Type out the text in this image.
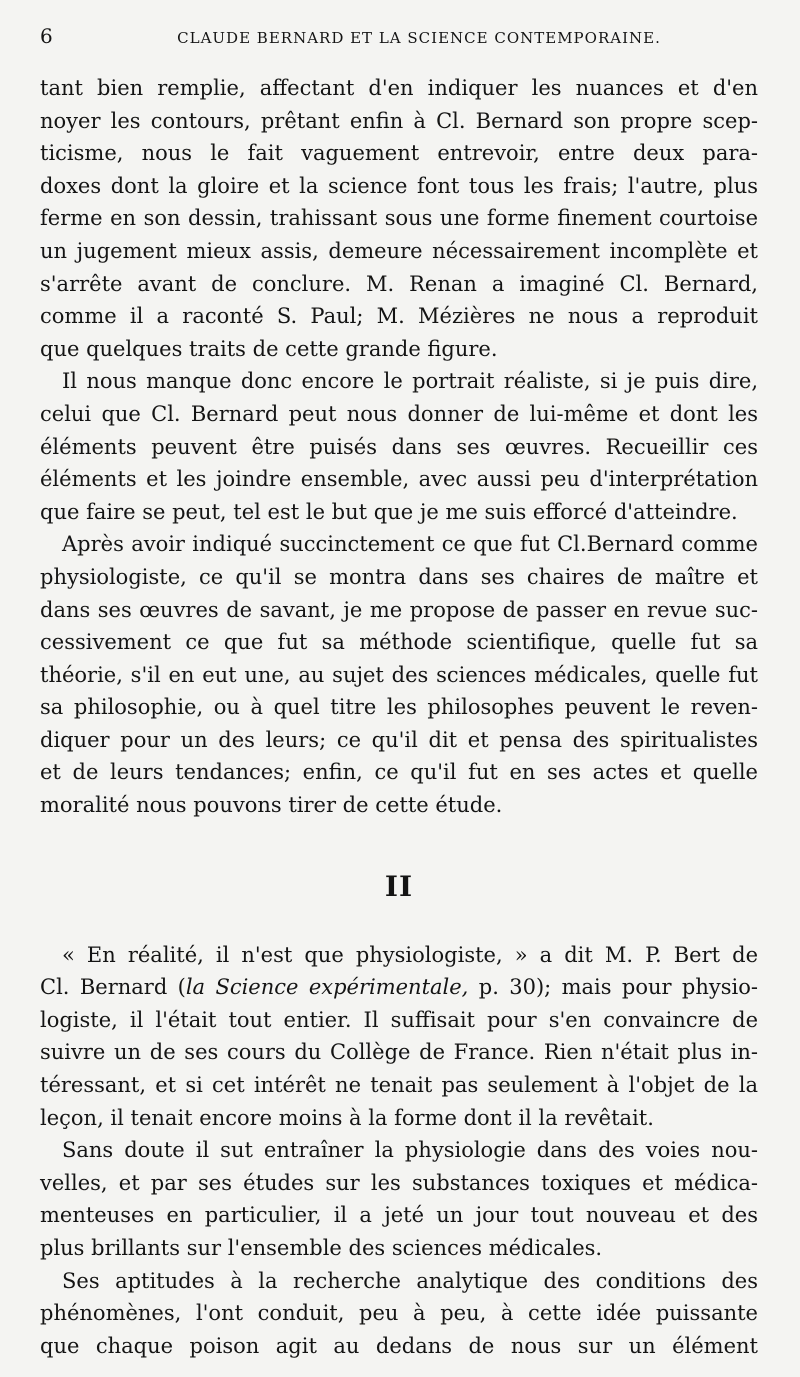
6	CLAUDE BERNARD ET LA SCIENCE CONTEMPORAINE.

tant bien remplie, affectant d'en indiquer les nuances et d'en
noyer les contours, prêtant enfin à Cl. Bernard son propre scep-
ticisme, nous le fait vaguement entrevoir, entre deux para-
doxes dont la gloire et la science font tous les frais; l'autre, plus
ferme en son dessin, trahissant sous une forme finement courtoise
un jugement mieux assis, demeure nécessairement incomplète et
s'arrête avant de conclure. M. Renan a imaginé Cl. Bernard,
comme il a raconté S. Paul; M. Mézières ne nous a reproduit
que quelques traits de cette grande figure.

Il nous manque donc encore le portrait réaliste, si je puis dire,
celui que Cl. Bernard peut nous donner de lui-même et dont les
éléments peuvent être puisés dans ses œuvres. Recueillir ces
éléments et les joindre ensemble, avec aussi peu d'interprétation
que faire se peut, tel est le but que je me suis efforcé d'atteindre.

Après avoir indiqué succinctement ce que fut Cl.Bernard comme
physiologiste, ce qu'il se montra dans ses chaires de maître et
dans ses œuvres de savant, je me propose de passer en revue suc-
cessivement ce que fut sa méthode scientifique, quelle fut sa
théorie, s'il en eut une, au sujet des sciences médicales, quelle fut
sa philosophie, ou à quel titre les philosophes peuvent le reven-
diquer pour un des leurs; ce qu'il dit et pensa des spiritualistes
et de leurs tendances; enfin, ce qu'il fut en ses actes et quelle
moralité nous pouvons tirer de cette étude.

II

« En réalité, il n'est que physiologiste, » a dit M. P. Bert de
Cl. Bernard (la Science expérimentale, p. 30); mais pour physio-
logiste, il l'était tout entier. Il suffisait pour s'en convaincre de
suivre un de ses cours du Collège de France. Rien n'était plus in-
téressant, et si cet intérêt ne tenait pas seulement à l'objet de la
leçon, il tenait encore moins à la forme dont il la revêtait.

Sans doute il sut entraîner la physiologie dans des voies nou-
velles, et par ses études sur les substances toxiques et médica-
menteuses en particulier, il a jeté un jour tout nouveau et des
plus brillants sur l'ensemble des sciences médicales.

Ses aptitudes à la recherche analytique des conditions des
phénomènes, l'ont conduit, peu à peu, à cette idée puissante
que chaque poison agit au dedans de nous sur un élément
